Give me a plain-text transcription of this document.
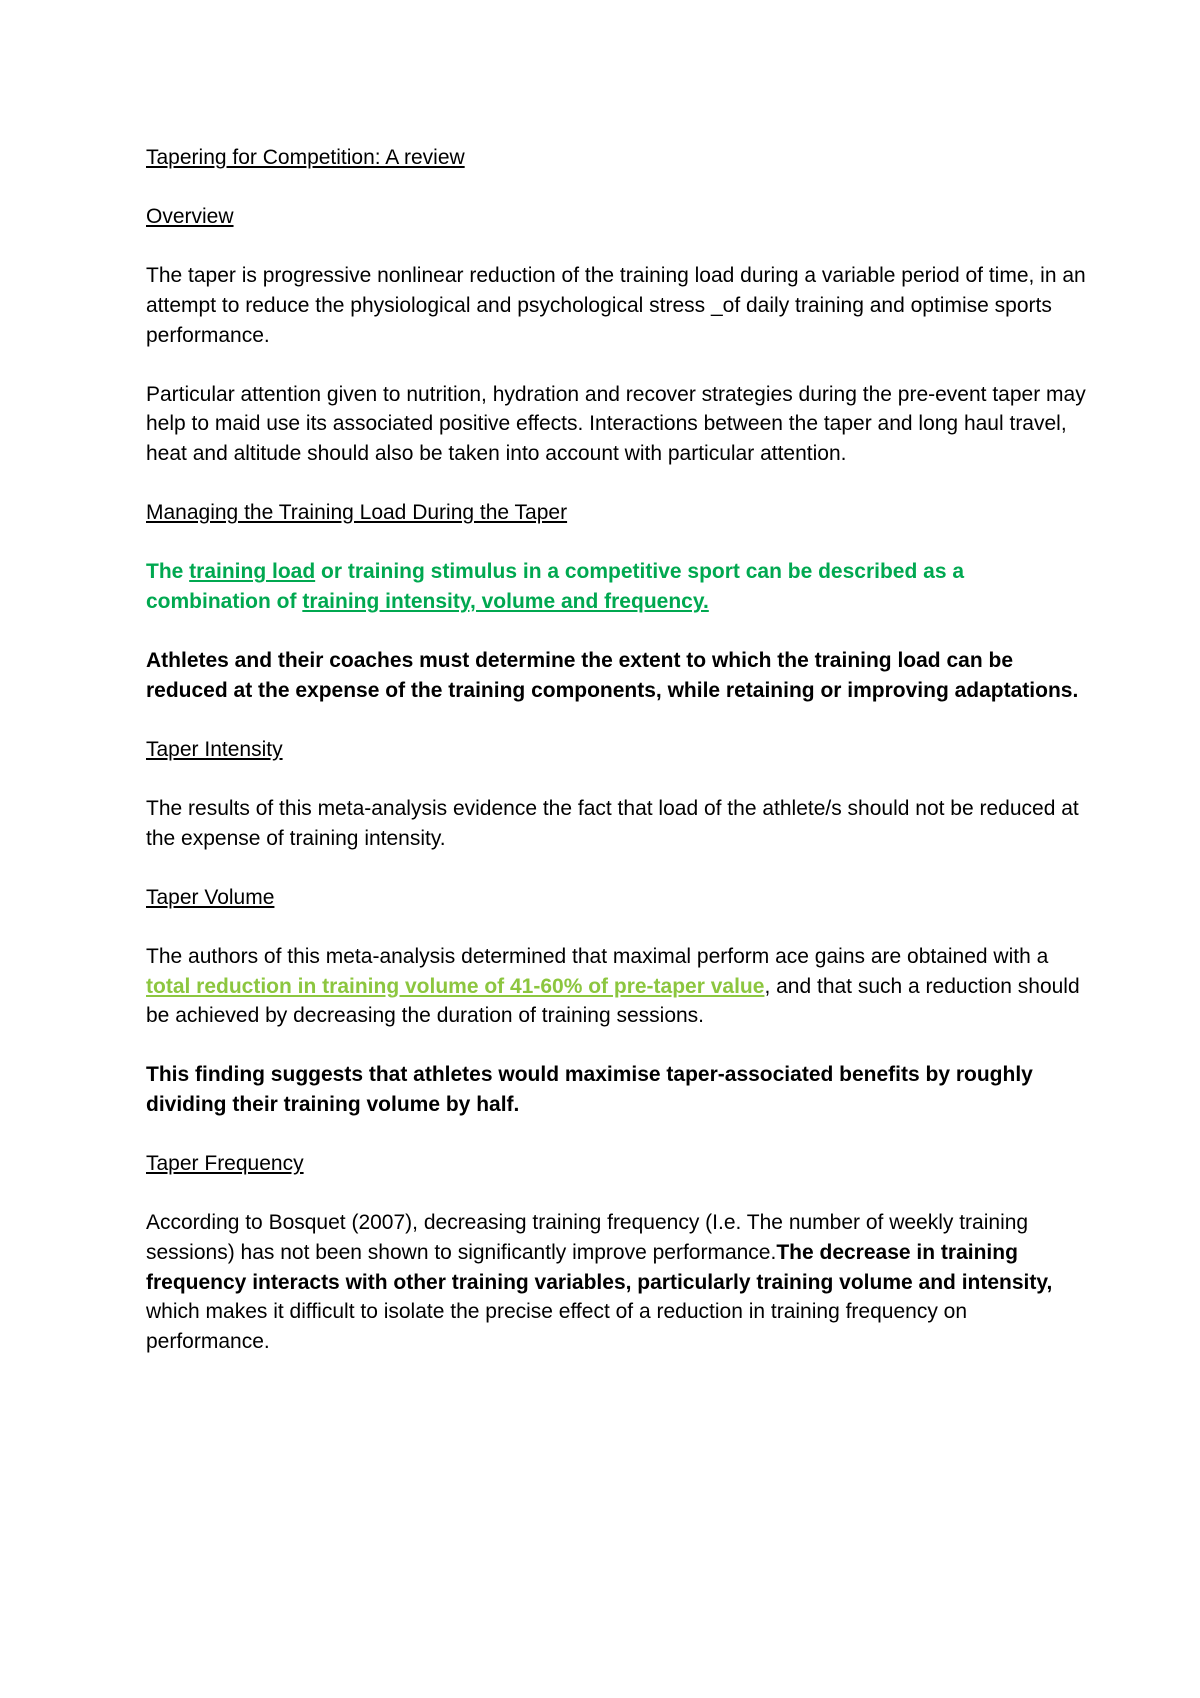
Tapering for Competition: A review

Overview

The taper is progressive nonlinear reduction of the training load during a variable period of time, in an attempt to reduce the physiological and psychological stress _of daily training and optimise sports performance.

Particular attention given to nutrition, hydration and recover strategies during the pre-event taper may help to maid use its associated positive effects. Interactions between the taper and long haul travel, heat and altitude should also be taken into account with particular attention.

Managing the Training Load During the Taper

The training load or training stimulus in a competitive sport can be described as a combination of training intensity, volume and frequency.

Athletes and their coaches must determine the extent to which the training load can be reduced at the expense of the training components, while retaining or improving adaptations.

Taper Intensity

The results of this meta-analysis evidence the fact that load of the athlete/s should not be reduced at the expense of training intensity.

Taper Volume

The authors of this meta-analysis determined that maximal perform ace gains are obtained with a total reduction in training volume of 41-60% of pre-taper value, and that such a reduction should be achieved by decreasing the duration of training sessions.

This finding suggests that athletes would maximise taper-associated benefits by roughly dividing their training volume by half.

Taper Frequency

According to Bosquet (2007), decreasing training frequency (I.e. The number of weekly training sessions) has not been shown to significantly improve performance.The decrease in training frequency interacts with other training variables, particularly training volume and intensity, which makes it difficult to isolate the precise effect of a reduction in training frequency on performance.
